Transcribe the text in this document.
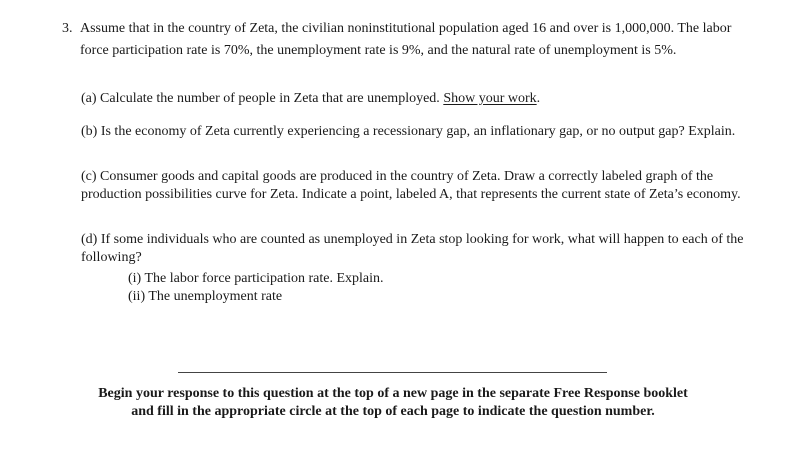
3. Assume that in the country of Zeta, the civilian noninstitutional population aged 16 and over is 1,000,000. The labor force participation rate is 70%, the unemployment rate is 9%, and the natural rate of unemployment is 5%.
(a) Calculate the number of people in Zeta that are unemployed. Show your work.
(b) Is the economy of Zeta currently experiencing a recessionary gap, an inflationary gap, or no output gap? Explain.
(c) Consumer goods and capital goods are produced in the country of Zeta. Draw a correctly labeled graph of the production possibilities curve for Zeta. Indicate a point, labeled A, that represents the current state of Zeta’s economy.
(d) If some individuals who are counted as unemployed in Zeta stop looking for work, what will happen to each of the following?
(i) The labor force participation rate. Explain.
(ii) The unemployment rate
Begin your response to this question at the top of a new page in the separate Free Response booklet
and fill in the appropriate circle at the top of each page to indicate the question number.
